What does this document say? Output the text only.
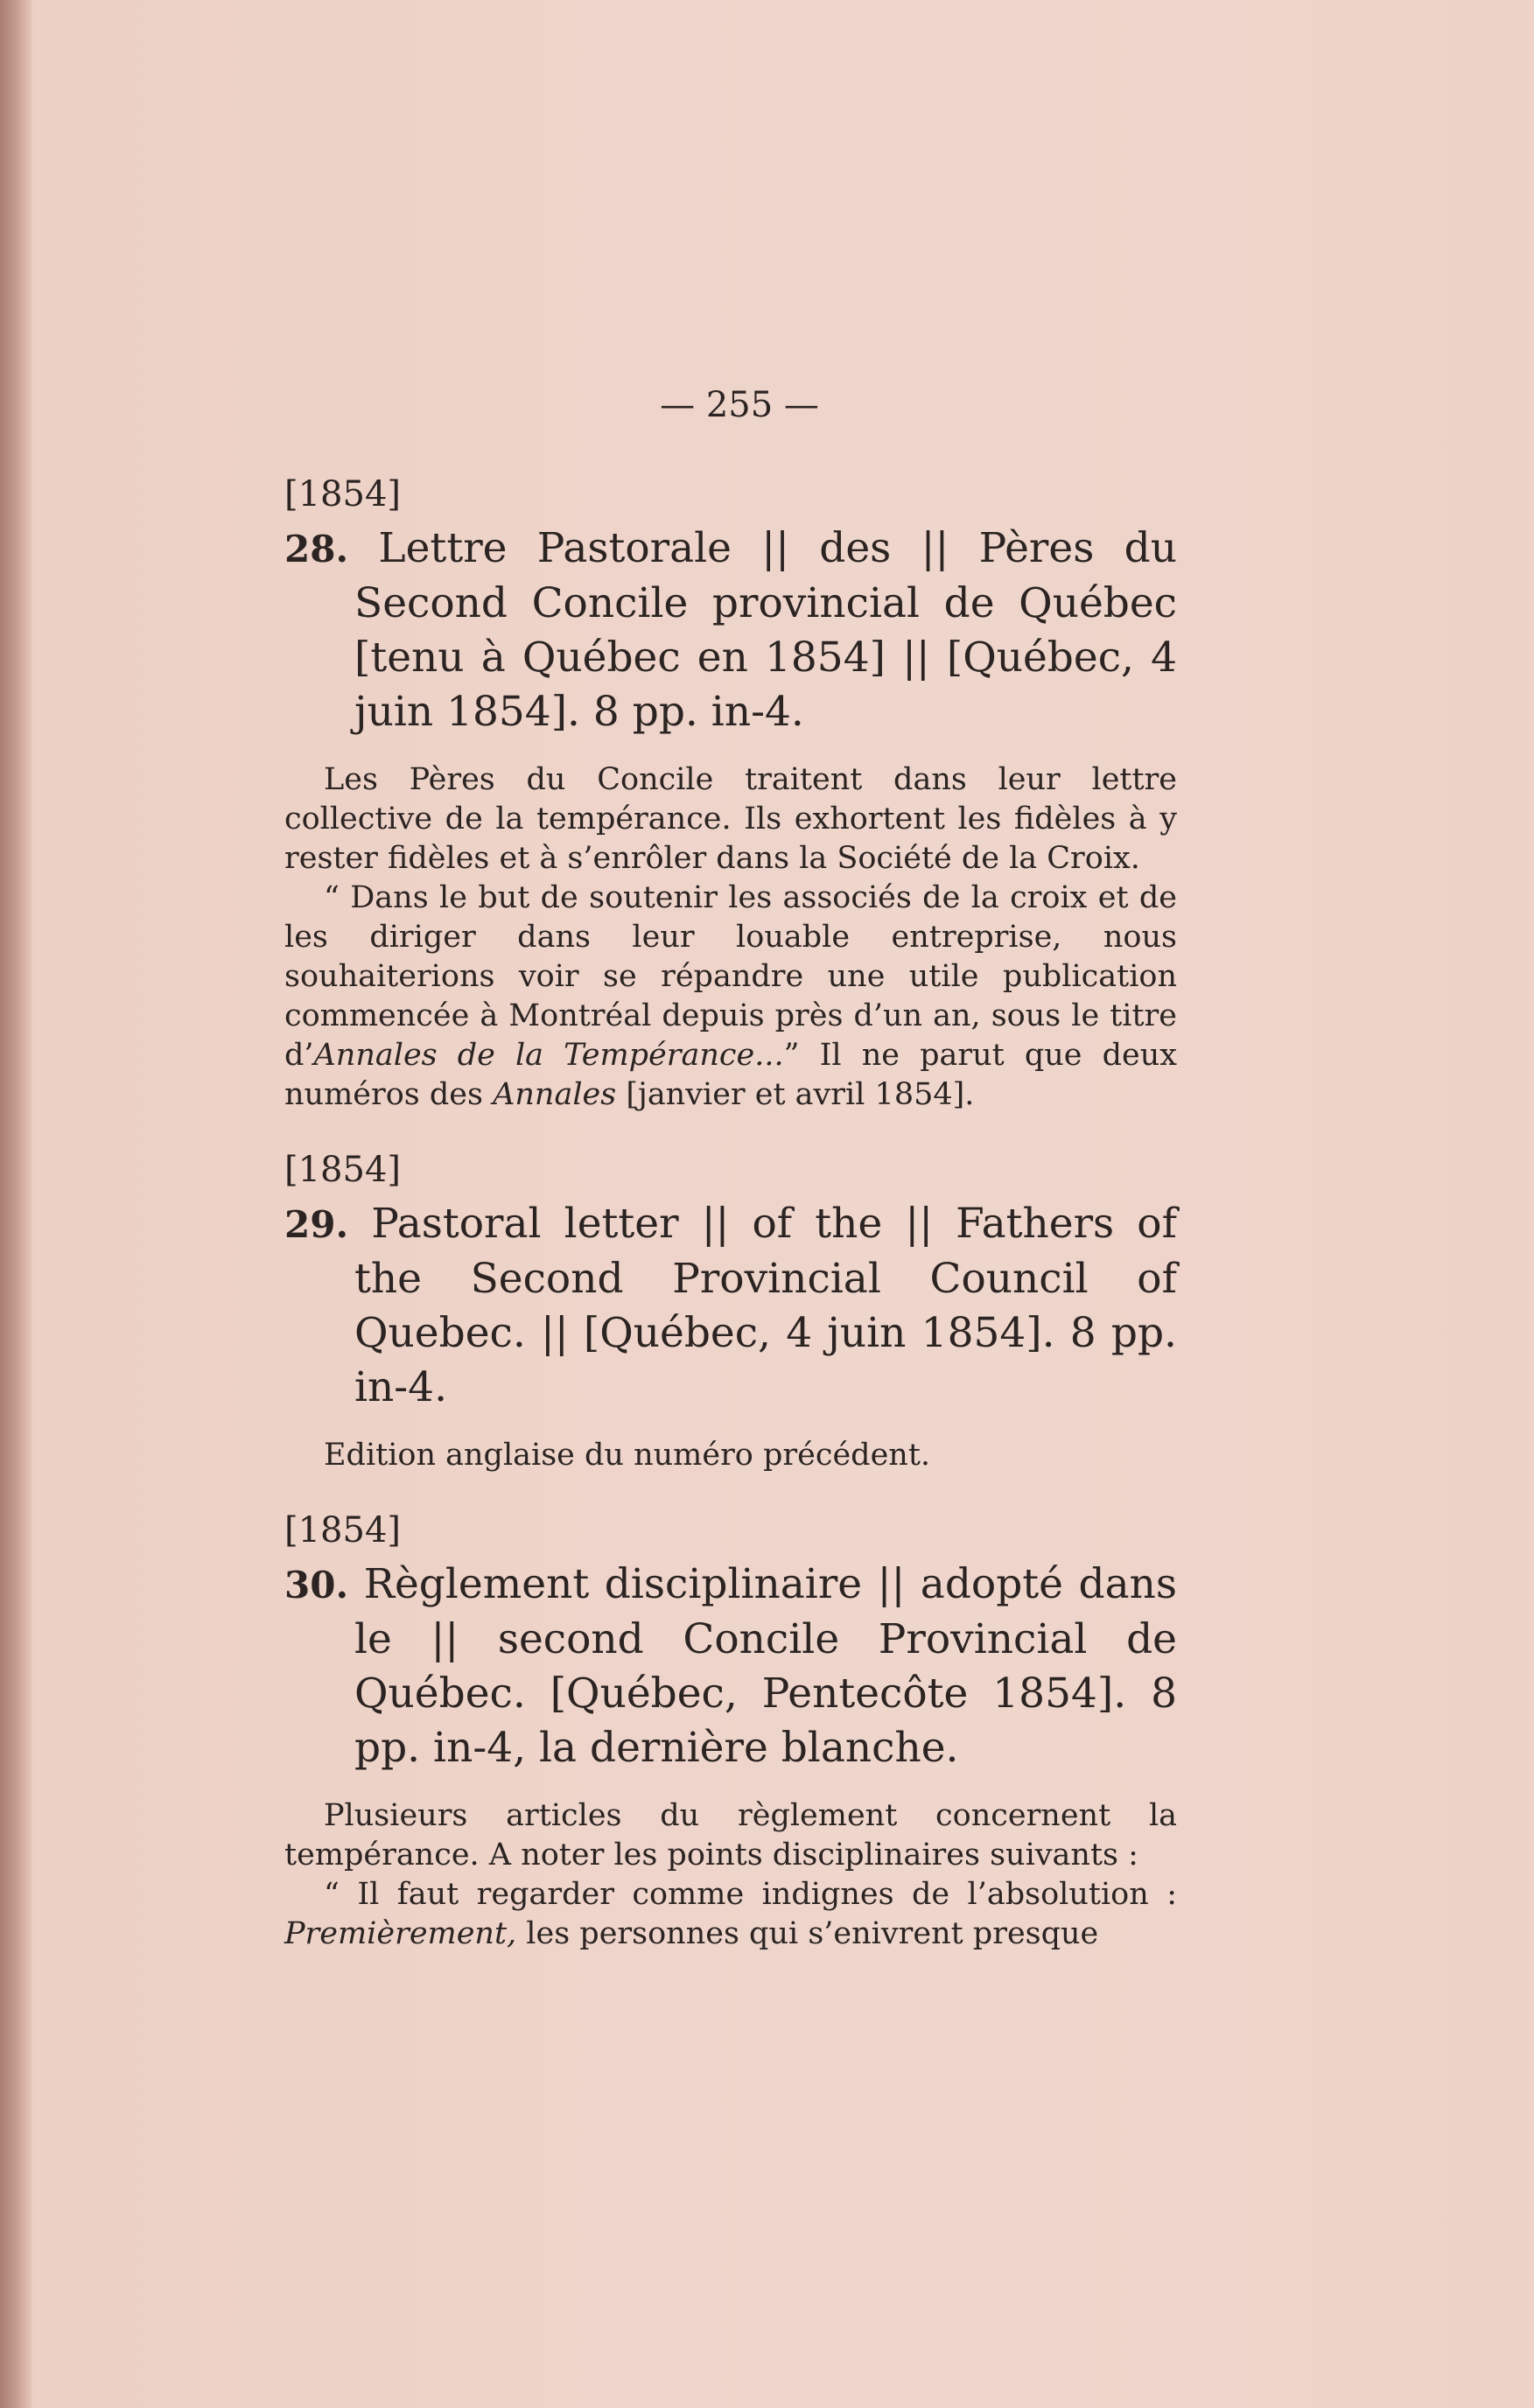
— 255 —
[1854]
28. Lettre Pastorale || des || Pères du Second Concile provincial de Québec [tenu à Québec en 1854] || [Québec, 4 juin 1854]. 8 pp. in-4.

Les Pères du Concile traitent dans leur lettre collective de la tempérance. Ils exhortent les fidèles à y rester fidèles et à s’enrôler dans la Société de la Croix.

“ Dans le but de soutenir les associés de la croix et de les diriger dans leur louable entreprise, nous souhaiterions voir se répandre une utile publication commencée à Montréal depuis près d’un an, sous le titre d’Annales de la Tempérance...” Il ne parut que deux numéros des Annales [janvier et avril 1854].

[1854]
29. Pastoral letter || of the || Fathers of the Second Provincial Council of Quebec. || [Québec, 4 juin 1854]. 8 pp. in-4.

Edition anglaise du numéro précédent.

[1854]
30. Règlement disciplinaire || adopté dans le || second Concile Provincial de Québec. [Québec, Pentecôte 1854]. 8 pp. in-4, la dernière blanche.

Plusieurs articles du règlement concernent la tempérance. A noter les points disciplinaires suivants :

“ Il faut regarder comme indignes de l’absolution : Premièrement, les personnes qui s’enivrent presque
